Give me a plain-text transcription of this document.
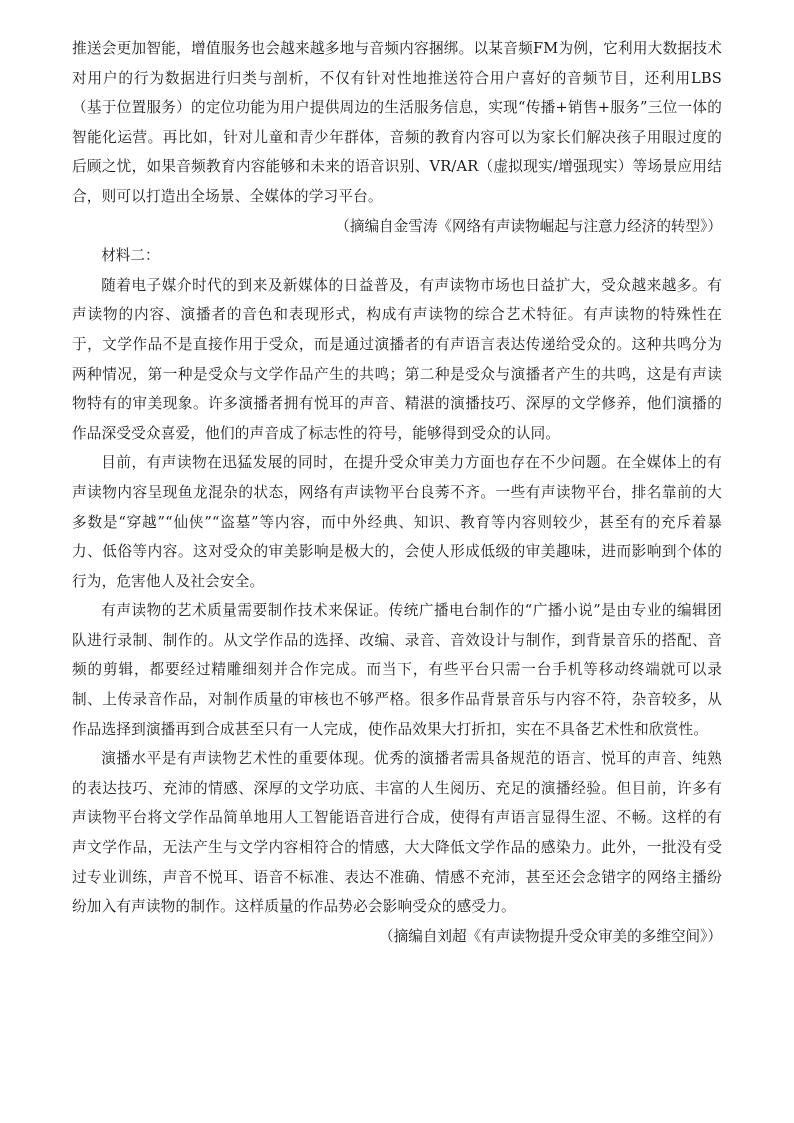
推送会更加智能，增值服务也会越来越多地与音频内容捆绑。以某音频FM为例，它利用大数据技术对用户的行为数据进行归类与剖析，不仅有针对性地推送符合用户喜好的音频节目，还利用LBS（基于位置服务）的定位功能为用户提供周边的生活服务信息，实现“传播+销售+服务”三位一体的智能化运营。再比如，针对儿童和青少年群体，音频的教育内容可以为家长们解决孩子用眼过度的后顾之忧，如果音频教育内容能够和未来的语音识别、VR/AR（虚拟现实/增强现实）等场景应用结合，则可以打造出全场景、全媒体的学习平台。

（摘编自金雪涛《网络有声读物崛起与注意力经济的转型》）

材料二：

随着电子媒介时代的到来及新媒体的日益普及，有声读物市场也日益扩大，受众越来越多。有声读物的内容、演播者的音色和表现形式，构成有声读物的综合艺术特征。有声读物的特殊性在于，文学作品不是直接作用于受众，而是通过演播者的有声语言表达传递给受众的。这种共鸣分为两种情况，第一种是受众与文学作品产生的共鸣；第二种是受众与演播者产生的共鸣，这是有声读物特有的审美现象。许多演播者拥有悦耳的声音、精湛的演播技巧、深厚的文学修养，他们演播的作品深受受众喜爱，他们的声音成了标志性的符号，能够得到受众的认同。

目前，有声读物在迅猛发展的同时，在提升受众审美力方面也存在不少问题。在全媒体上的有声读物内容呈现鱼龙混杂的状态，网络有声读物平台良莠不齐。一些有声读物平台，排名靠前的大多数是“穿越”“仙侠”“盗墓”等内容，而中外经典、知识、教育等内容则较少，甚至有的充斥着暴力、低俗等内容。这对受众的审美影响是极大的，会使人形成低级的审美趣味，进而影响到个体的行为，危害他人及社会安全。

有声读物的艺术质量需要制作技术来保证。传统广播电台制作的“广播小说”是由专业的编辑团队进行录制、制作的。从文学作品的选择、改编、录音、音效设计与制作，到背景音乐的搭配、音频的剪辑，都要经过精雕细刻并合作完成。而当下，有些平台只需一台手机等移动终端就可以录制、上传录音作品，对制作质量的审核也不够严格。很多作品背景音乐与内容不符，杂音较多，从作品选择到演播再到合成甚至只有一人完成，使作品效果大打折扣，实在不具备艺术性和欣赏性。

演播水平是有声读物艺术性的重要体现。优秀的演播者需具备规范的语言、悦耳的声音、纯熟的表达技巧、充沛的情感、深厚的文学功底、丰富的人生阅历、充足的演播经验。但目前，许多有声读物平台将文学作品简单地用人工智能语音进行合成，使得有声语言显得生涩、不畅。这样的有声文学作品，无法产生与文学内容相符合的情感，大大降低文学作品的感染力。此外，一批没有受过专业训练，声音不悦耳、语音不标准、表达不准确、情感不充沛，甚至还会念错字的网络主播纷纷加入有声读物的制作。这样质量的作品势必会影响受众的感受力。

（摘编自刘超《有声读物提升受众审美的多维空间》）
